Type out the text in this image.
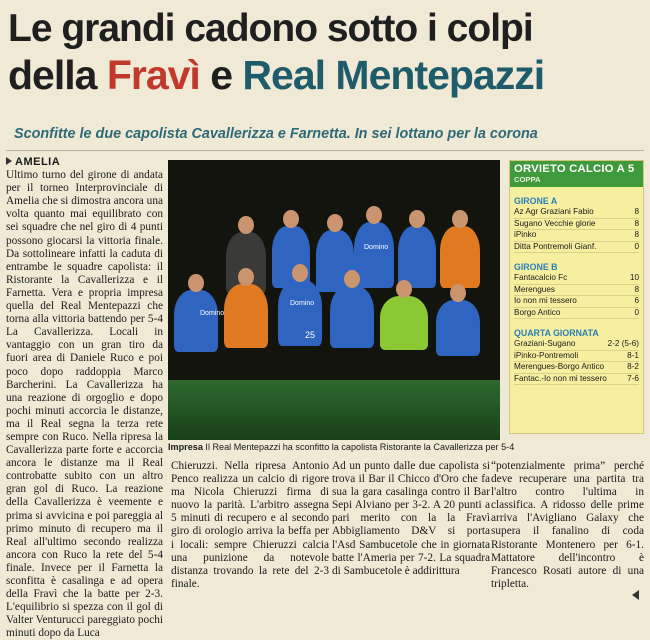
Le grandi cadono sotto i colpi
della Fravì e Real Mentepazzi
Sconfitte le due capolista Cavallerizza e Farnetta. In sei lottano per la corona
AMELIA
Ultimo turno del girone di andata per il torneo Interprovinciale di Amelia che si dimostra ancora una volta quanto mai equilibrato con sei squadre che nel giro di 4 punti possono giocarsi la vittoria finale. Da sottolineare infatti la caduta di entrambe le squadre capolista: il Ristorante la Cavallerizza e il Farnetta. Vera e propria impresa quella del Real Mentepazzi che torna alla vittoria battendo per 5-4 La Cavallerizza. Locali in vantaggio con un gran tiro da fuori area di Daniele Ruco e poi poco dopo raddoppia Marco Barcherini. La Cavallerizza ha una reazione di orgoglio e dopo pochi minuti accorcia le distanze, ma il Real segna la terza rete sempre con Ruco. Nella ripresa la Cavallerizza parte forte e accorcia ancora le distanze ma il Real controbatte subito con un altro gran gol di Ruco. La reazione della Cavallerizza è veemente e prima si avvicina e poi pareggia al primo minuto di recupero ma il Real all'ultimo secondo realizza ancora con Ruco la rete del 5-4 finale. Invece per il Farnetta la sconfitta è casalinga e ad opera della Fravì che la batte per 2-3. L'equilibrio si spezza con il gol di Valter Venturucci pareggiato pochi minuti dopo da Luca
25
Domino
Domino
Domino
Impresa Il Real Mentepazzi ha sconfitto la capolista Ristorante la Cavallerizza per 5-4
ORVIETO CALCIO A 5
COPPA
GIRONE A
Az Agr Graziani Fabio	8
Sugano Vecchie glorie	8
iPinko	8
Ditta Pontremoli Gianf.	0
GIRONE B
Fantacalcio Fc	10
Merengues	8
Io non mi tessero	6
Borgo Antico	0
QUARTA GIORNATA
Graziani-Sugano	2-2 (5-6)
iPinko-Pontremoli	8-1
Merengues-Borgo Antico	8-2
Fantac.-Io non mi tessero	7-6
Chieruzzi. Nella ripresa Antonio Penco realizza un calcio di rigore ma Nicola Chieruzzi firma di nuovo la parità. L'arbitro assegna 5 minuti di recupero e al secondo giro di orologio arriva la beffa per i locali: sempre Chieruzzi calcia una punizione da notevole distanza trovando la rete del 2-3 finale.
Ad un punto dalle due capolista si trova il Bar il Chicco d'Oro che fa sua la gara casalinga contro il Bar Sepi Alviano per 3-2. A 20 punti a pari merito con la la Fravì Abbigliamento D&V si porta l'Asd Sambucetole che in giornata batte l'Ameria per 7-2. La squadra di Sambucetole è addirittura
“potenzialmente prima” perché deve recuperare una partita tra l'altro contro l'ultima in classifica. A ridosso delle prime arriva l'Avigliano Galaxy che supera il fanalino di coda Ristorante Montenero per 6-1. Mattatore dell'incontro è Francesco Rosati autore di una tripletta.
